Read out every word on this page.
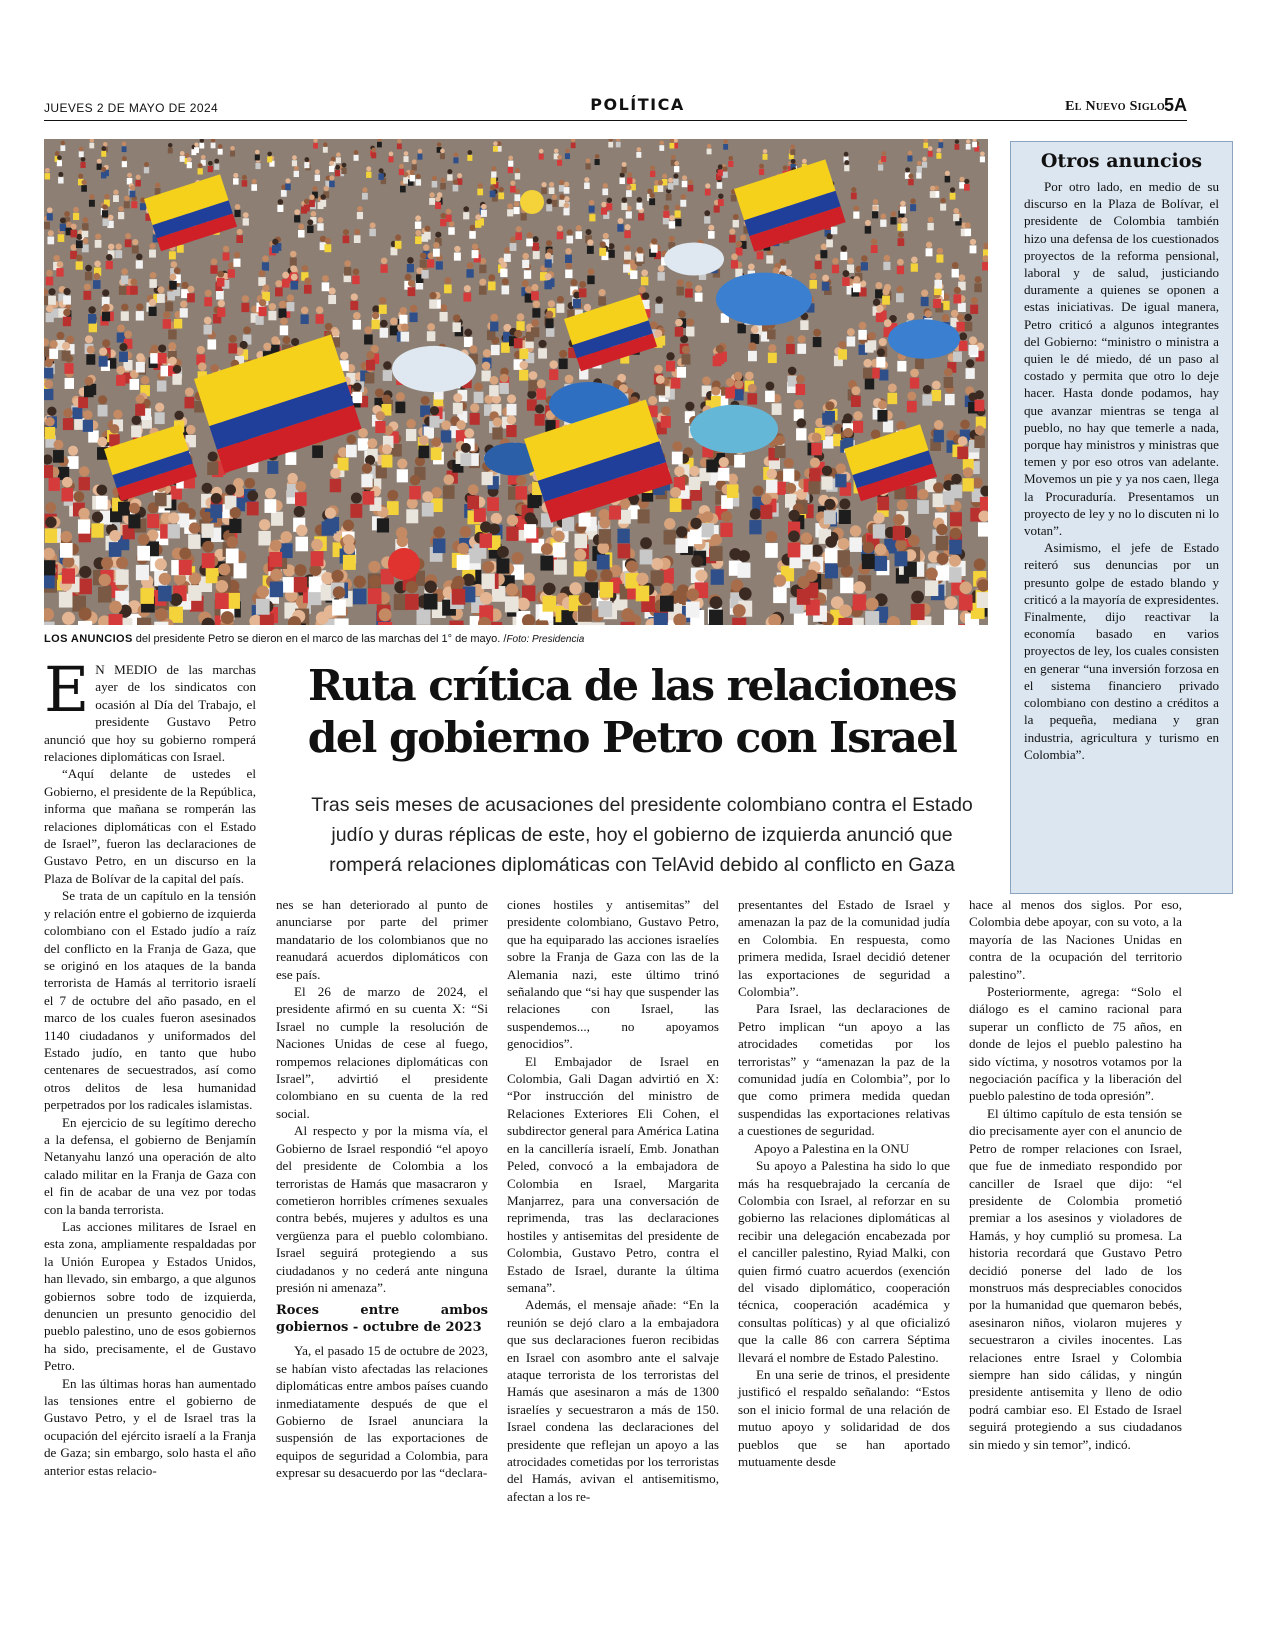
JUEVES 2 DE MAYO DE 2024	POLÍTICA	El Nuevo Siglo
5A
LOS ANUNCIOS del presidente Petro se dieron en el marco de las marchas del 1° de mayo. /Foto: Presidencia
Otros anuncios

Por otro lado, en medio de su discurso en la Plaza de Bolívar, el presidente de Colombia también hizo una defensa de los cuestionados proyectos de la reforma pensional, laboral y de salud, justiciando duramente a quienes se oponen a estas iniciativas. De igual manera, Petro criticó a algunos integrantes del Gobierno: “ministro o ministra a quien le dé miedo, dé un paso al costado y permita que otro lo deje hacer. Hasta donde podamos, hay que avanzar mientras se tenga al pueblo, no hay que temerle a nada, porque hay ministros y ministras que temen y por eso otros van adelante. Movemos un pie y ya nos caen, llega la Procuraduría. Presentamos un proyecto de ley y no lo discuten ni lo votan”.

Asimismo, el jefe de Estado reiteró sus denuncias por un presunto golpe de estado blando y criticó a la mayoría de expresidentes. Finalmente, dijo reactivar la economía basado en varios proyectos de ley, los cuales consisten en generar “una inversión forzosa en el sistema financiero privado colombiano con destino a créditos a la pequeña, mediana y gran industria, agricultura y turismo en Colombia”.

Ruta crítica de las relaciones del gobierno Petro con Israel
Tras seis meses de acusaciones del presidente colombiano contra el Estado judío y duras réplicas de este, hoy el gobierno de izquierda anunció que romperá relaciones diplomáticas con TelAvid debido al conflicto en Gaza

E N MEDIO de las marchas ayer de los sindicatos con ocasión al Día del Trabajo, el presidente Gustavo Petro anunció que hoy su gobierno romperá relaciones diplomáticas con Israel.

“Aquí delante de ustedes el Gobierno, el presidente de la República, informa que mañana se romperán las relaciones diplomáticas con el Estado de Israel”, fueron las declaraciones de Gustavo Petro, en un discurso en la Plaza de Bolívar de la capital del país.

Se trata de un capítulo en la tensión y relación entre el gobierno de izquierda colombiano con el Estado judío a raíz del conflicto en la Franja de Gaza, que se originó en los ataques de la banda terrorista de Hamás al territorio israelí el 7 de octubre del año pasado, en el marco de los cuales fueron asesinados 1140 ciudadanos y uniformados del Estado judío, en tanto que hubo centenares de secuestrados, así como otros delitos de lesa humanidad perpetrados por los radicales islamistas.

En ejercicio de su legítimo derecho a la defensa, el gobierno de Benjamín Netanyahu lanzó una operación de alto calado militar en la Franja de Gaza con el fin de acabar de una vez por todas con la banda terrorista.

Las acciones militares de Israel en esta zona, ampliamente respaldadas por la Unión Europea y Estados Unidos, han llevado, sin embargo, a que algunos gobiernos sobre todo de izquierda, denuncien un presunto genocidio del pueblo palestino, uno de esos gobiernos ha sido, precisamente, el de Gustavo Petro.

En las últimas horas han aumentado las tensiones entre el gobierno de Gustavo Petro, y el de Israel tras la ocupación del ejército israelí a la Franja de Gaza; sin embargo, solo hasta el año anterior estas relacio-

nes se han deteriorado al punto de anunciarse por parte del primer mandatario de los colombianos que no reanudará acuerdos diplomáticos con ese país.

El 26 de marzo de 2024, el presidente afirmó en su cuenta X: “Si Israel no cumple la resolución de Naciones Unidas de cese al fuego, rompemos relaciones diplomáticas con Israel”, advirtió el presidente colombiano en su cuenta de la red social.

Al respecto y por la misma vía, el Gobierno de Israel respondió “el apoyo del presidente de Colombia a los terroristas de Hamás que masacraron y cometieron horribles crímenes sexuales contra bebés, mujeres y adultos es una vergüenza para el pueblo colombiano. Israel seguirá protegiendo a sus ciudadanos y no cederá ante ninguna presión ni amenaza”.

Roces entre ambos gobiernos - octubre de 2023

Ya, el pasado 15 de octubre de 2023, se habían visto afectadas las relaciones diplomáticas entre ambos países cuando inmediatamente después de que el Gobierno de Israel anunciara la suspensión de las exportaciones de equipos de seguridad a Colombia, para expresar su desacuerdo por las “declara-

ciones hostiles y antisemitas” del presidente colombiano, Gustavo Petro, que ha equiparado las acciones israelíes sobre la Franja de Gaza con las de la Alemania nazi, este último trinó señalando que “si hay que suspender las relaciones con Israel, las suspendemos..., no apoyamos genocidios”.

El Embajador de Israel en Colombia, Gali Dagan advirtió en X: “Por instrucción del ministro de Relaciones Exteriores Eli Cohen, el subdirector general para América Latina en la cancillería israelí, Emb. Jonathan Peled, convocó a la embajadora de Colombia en Israel, Margarita Manjarrez, para una conversación de reprimenda, tras las declaraciones hostiles y antisemitas del presidente de Colombia, Gustavo Petro, contra el Estado de Israel, durante la última semana”.

Además, el mensaje añade: “En la reunión se dejó claro a la embajadora que sus declaraciones fueron recibidas en Israel con asombro ante el salvaje ataque terrorista de los terroristas del Hamás que asesinaron a más de 1300 israelíes y secuestraron a más de 150. Israel condena las declaraciones del presidente que reflejan un apoyo a las atrocidades cometidas por los terroristas del Hamás, avivan el antisemitismo, afectan a los re-

presentantes del Estado de Israel y amenazan la paz de la comunidad judía en Colombia. En respuesta, como primera medida, Israel decidió detener las exportaciones de seguridad a Colombia”.

Para Israel, las declaraciones de Petro implican “un apoyo a las atrocidades cometidas por los terroristas” y “amenazan la paz de la comunidad judía en Colombia”, por lo que como primera medida quedan suspendidas las exportaciones relativas a cuestiones de seguridad.

Apoyo a Palestina en la ONU

Su apoyo a Palestina ha sido lo que más ha resquebrajado la cercanía de Colombia con Israel, al reforzar en su gobierno las relaciones diplomáticas al recibir una delegación encabezada por el canciller palestino, Ryiad Malki, con quien firmó cuatro acuerdos (exención del visado diplomático, cooperación técnica, cooperación académica y consultas políticas) y al que oficializó que la calle 86 con carrera Séptima llevará el nombre de Estado Palestino.

En una serie de trinos, el presidente justificó el respaldo señalando: “Estos son el inicio formal de una relación de mutuo apoyo y solidaridad de dos pueblos que se han aportado mutuamente desde

hace al menos dos siglos. Por eso, Colombia debe apoyar, con su voto, a la mayoría de las Naciones Unidas en contra de la ocupación del territorio palestino”.

Posteriormente, agrega: “Solo el diálogo es el camino racional para superar un conflicto de 75 años, en donde de lejos el pueblo palestino ha sido víctima, y nosotros votamos por la negociación pacífica y la liberación del pueblo palestino de toda opresión”.

El último capítulo de esta tensión se dio precisamente ayer con el anuncio de Petro de romper relaciones con Israel, que fue de inmediato respondido por canciller de Israel que dijo: “el presidente de Colombia prometió premiar a los asesinos y violadores de Hamás, y hoy cumplió su promesa. La historia recordará que Gustavo Petro decidió ponerse del lado de los monstruos más despreciables conocidos por la humanidad que quemaron bebés, asesinaron niños, violaron mujeres y secuestraron a civiles inocentes. Las relaciones entre Israel y Colombia siempre han sido cálidas, y ningún presidente antisemita y lleno de odio podrá cambiar eso. El Estado de Israel seguirá protegiendo a sus ciudadanos sin miedo y sin temor”, indicó.
